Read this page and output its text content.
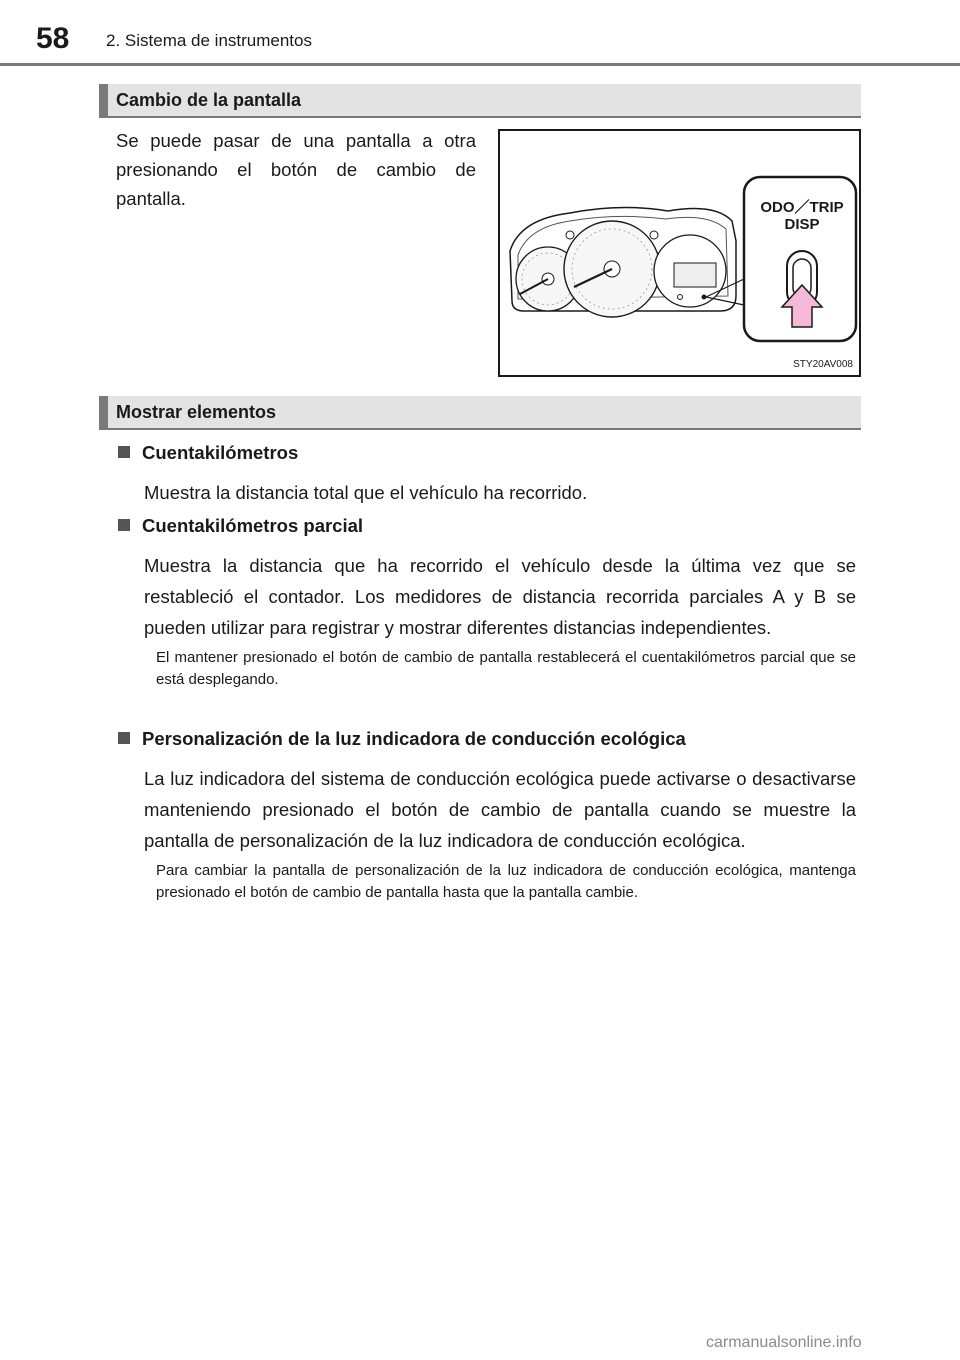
58 2. Sistema de instrumentos
Cambio de la pantalla
Se puede pasar de una pantalla a otra presionando el botón de cambio de pantalla.	ODO／TRIP
DISP
STY20AV008
Mostrar elementos
Cuentakilómetros
Muestra la distancia total que el vehículo ha recorrido.
Cuentakilómetros parcial
Muestra la distancia que ha recorrido el vehículo desde la última vez que se restableció el contador. Los medidores de distancia recorrida parciales A y B se pueden utilizar para registrar y mostrar diferentes distancias independientes.
El mantener presionado el botón de cambio de pantalla restablecerá el cuentakilómetros parcial que se está desplegando.
Personalización de la luz indicadora de conducción ecológica
La luz indicadora del sistema de conducción ecológica puede activarse o desactivarse manteniendo presionado el botón de cambio de pantalla cuando se muestre la pantalla de personalización de la luz indicadora de conducción ecológica.
Para cambiar la pantalla de personalización de la luz indicadora de conducción ecológica, mantenga presionado el botón de cambio de pantalla hasta que la pantalla cambie.
carmanualsonline.info
